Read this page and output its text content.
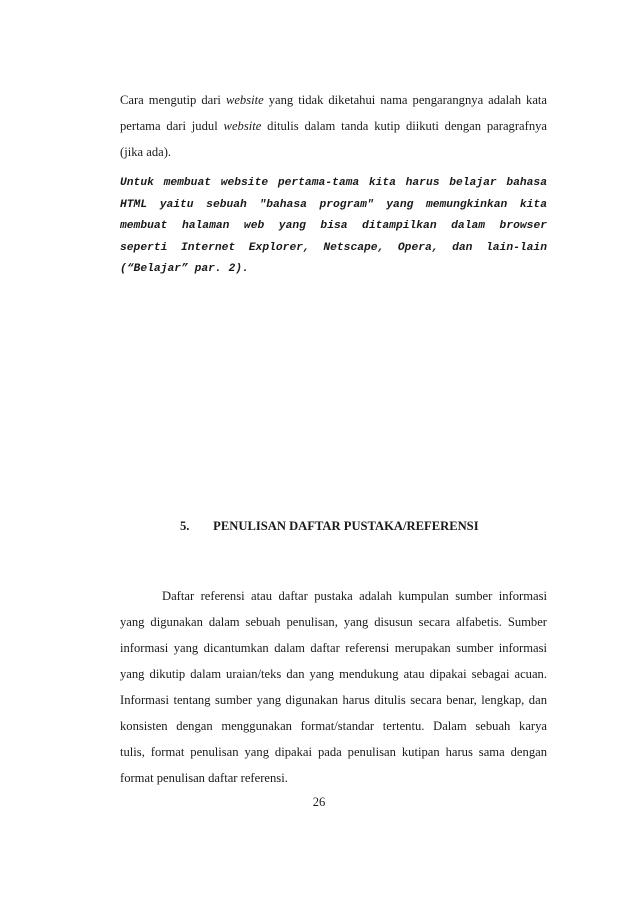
Cara mengutip dari website yang tidak diketahui nama pengarangnya adalah kata
pertama dari judul website ditulis dalam tanda kutip diikuti dengan paragrafnya
(jika ada).

Untuk membuat website pertama-tama kita harus belajar bahasa
HTML yaitu sebuah "bahasa program" yang memungkinkan kita
membuat halaman web yang bisa ditampilkan dalam browser
seperti Internet Explorer, Netscape, Opera, dan lain-lain
(“Belajar” par. 2).

5. PENULISAN DAFTAR PUSTAKA/REFERENSI

Daftar referensi atau daftar pustaka adalah kumpulan sumber informasi
yang digunakan dalam sebuah penulisan, yang disusun secara alfabetis. Sumber
informasi yang dicantumkan dalam daftar referensi merupakan sumber informasi
yang dikutip dalam uraian/teks dan yang mendukung atau dipakai sebagai acuan.
Informasi tentang sumber yang digunakan harus ditulis secara benar, lengkap, dan
konsisten dengan menggunakan format/standar tertentu. Dalam sebuah karya
tulis, format penulisan yang dipakai pada penulisan kutipan harus sama dengan
format penulisan daftar referensi.

26
